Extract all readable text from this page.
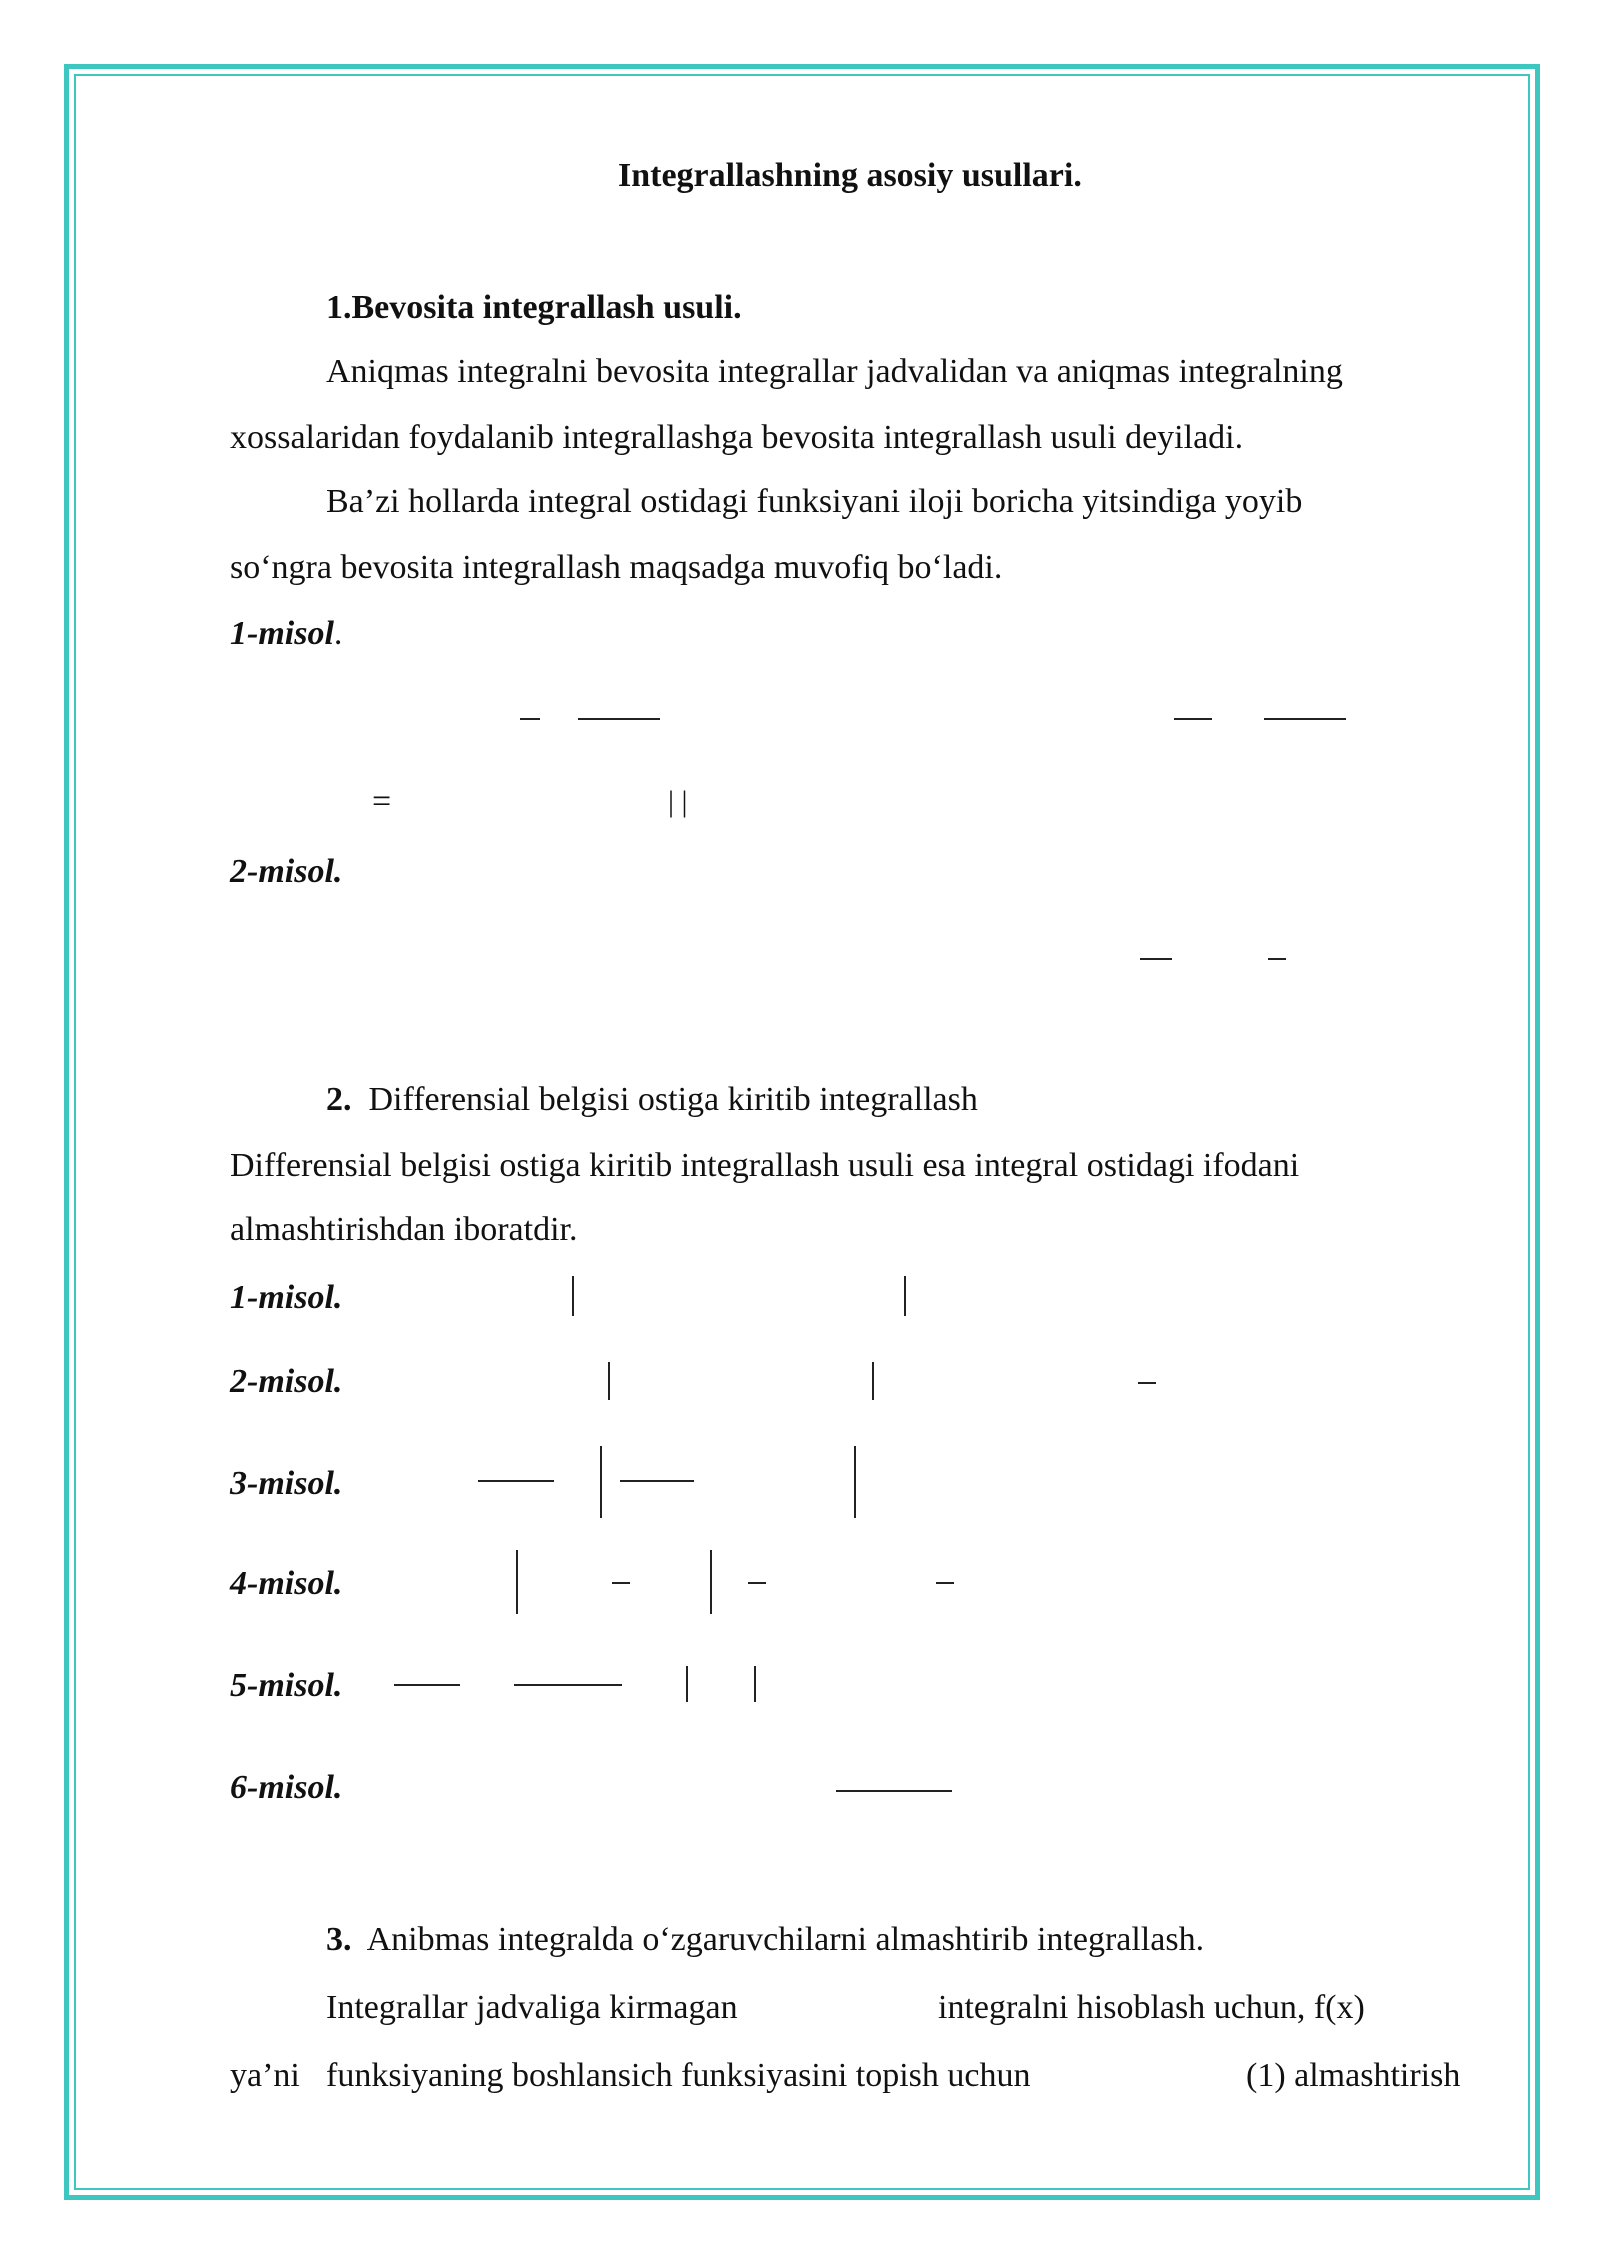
Integrallashning asosiy usullari.
1.Bevosita integrallash usuli.
Aniqmas integralni bevosita integrallar jadvalidan va aniqmas integralning
xossalaridan foydalanib integrallashga bevosita integrallash usuli deyiladi.
Ba’zi hollarda integral ostidagi funksiyani iloji boricha yitsindiga yoyib
so‘ngra bevosita integrallash maqsadga muvofiq bo‘ladi.
1-misol.
=	| |
2-misol.
2. Differensial belgisi ostiga kiritib integrallash
Differensial belgisi ostiga kiritib integrallash usuli esa integral ostidagi ifodani
almashtirishdan iboratdir.
1-misol.
2-misol.
3-misol.
4-misol.
5-misol.
6-misol.
3. Anibmas integralda o‘zgaruvchilarni almashtirib integrallash.
Integrallar jadvaliga kirmagan	integralni hisoblash uchun, f(x)
ya’ni funksiyaning boshlansich funksiyasini topish uchun	(1) almashtirish
